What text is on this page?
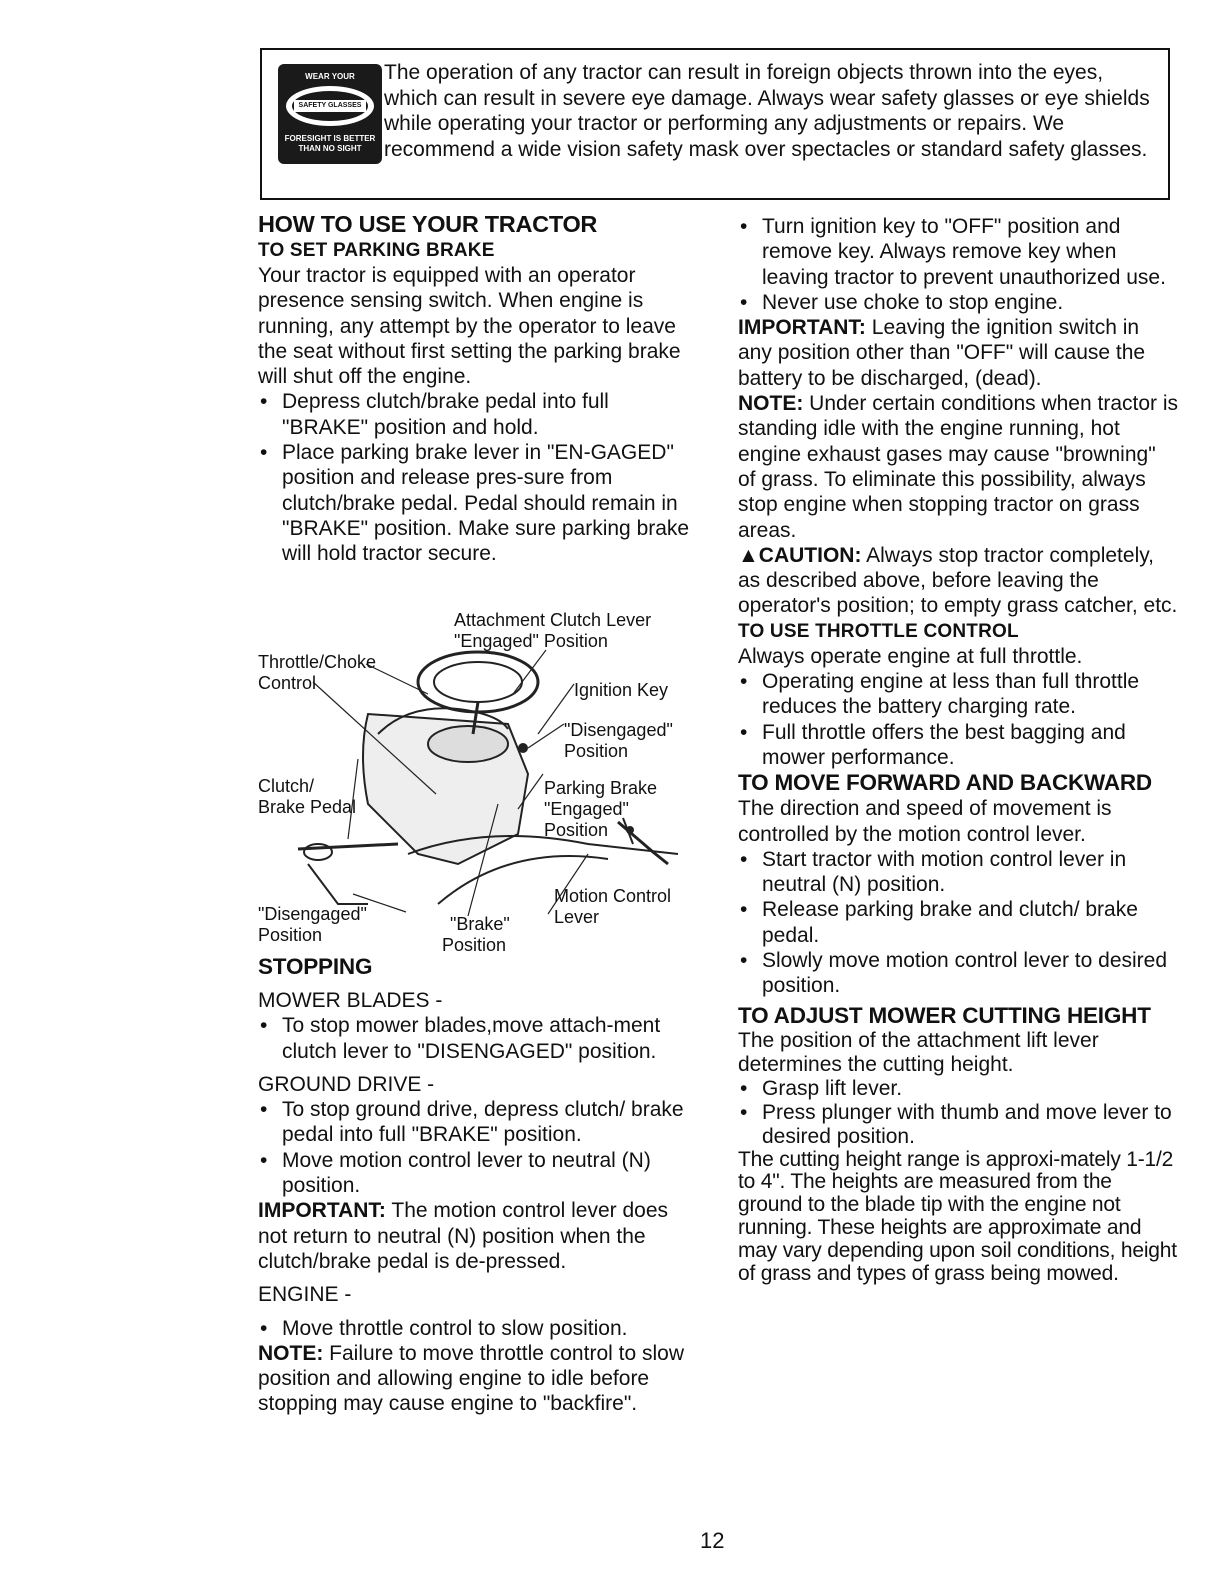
WEAR YOUR
SAFETY GLASSES
FORESIGHT IS BETTER
THAN NO SIGHT
The operation of any tractor can result in foreign objects thrown into the eyes, which can result in severe eye damage. Always wear safety glasses or eye shields while operating your tractor or performing any adjustments or repairs. We recommend a wide vision safety mask over spectacles or standard safety glasses.
HOW TO USE YOUR TRACTOR
TO SET PARKING BRAKE

Your tractor is equipped with an operator presence sensing switch. When engine is running, any attempt by the operator to leave the seat without first setting the parking brake will shut off the engine.

• Depress clutch/brake pedal into full "BRAKE" position and hold.
• Place parking brake lever in "EN-GAGED" position and release pres-sure from clutch/brake pedal. Pedal should remain in "BRAKE" position. Make sure parking brake will hold tractor secure.
Attachment Clutch Lever
"Engaged" Position
Throttle/Choke
Control	Ignition Key
"Disengaged"
Position
Clutch/
Brake Pedal
Parking Brake
"Engaged"
Position
Motion Control
Lever
"Disengaged"
Position
"Brake"
Position
STOPPING

MOWER BLADES -

• To stop mower blades,move attach-ment clutch lever to "DISENGAGED" position.

GROUND DRIVE -

• To stop ground drive, depress clutch/ brake pedal into full "BRAKE" position.
• Move motion control lever to neutral (N) position.

IMPORTANT: The motion control lever does not return to neutral (N) position when the clutch/brake pedal is de-pressed.

ENGINE -

• Move throttle control to slow position.

NOTE: Failure to move throttle control to slow position and allowing engine to idle before stopping may cause engine to "backfire".

• Turn ignition key to "OFF" position and remove key. Always remove key when leaving tractor to prevent unauthorized use.
• Never use choke to stop engine.

IMPORTANT: Leaving the ignition switch in any position other than "OFF" will cause the battery to be discharged, (dead).

NOTE: Under certain conditions when tractor is standing idle with the engine running, hot engine exhaust gases may cause "browning" of grass. To eliminate this possibility, always stop engine when stopping tractor on grass areas.

▲CAUTION: Always stop tractor completely, as described above, before leaving the operator's position; to empty grass catcher, etc.

TO USE THROTTLE CONTROL

Always operate engine at full throttle.

• Operating engine at less than full throttle reduces the battery charging rate.
• Full throttle offers the best bagging and mower performance.
TO MOVE FORWARD AND BACKWARD

The direction and speed of movement is controlled by the motion control lever.

• Start tractor with motion control lever in neutral (N) position.
• Release parking brake and clutch/ brake pedal.
• Slowly move motion control lever to desired position.
TO ADJUST MOWER CUTTING HEIGHT

The position of the attachment lift lever determines the cutting height.

• Grasp lift lever.
• Press plunger with thumb and move lever to desired position.

The cutting height range is approxi-mately 1-1/2 to 4". The heights are measured from the ground to the blade tip with the engine not running. These heights are approximate and may vary depending upon soil conditions, height of grass and types of grass being mowed.

12
